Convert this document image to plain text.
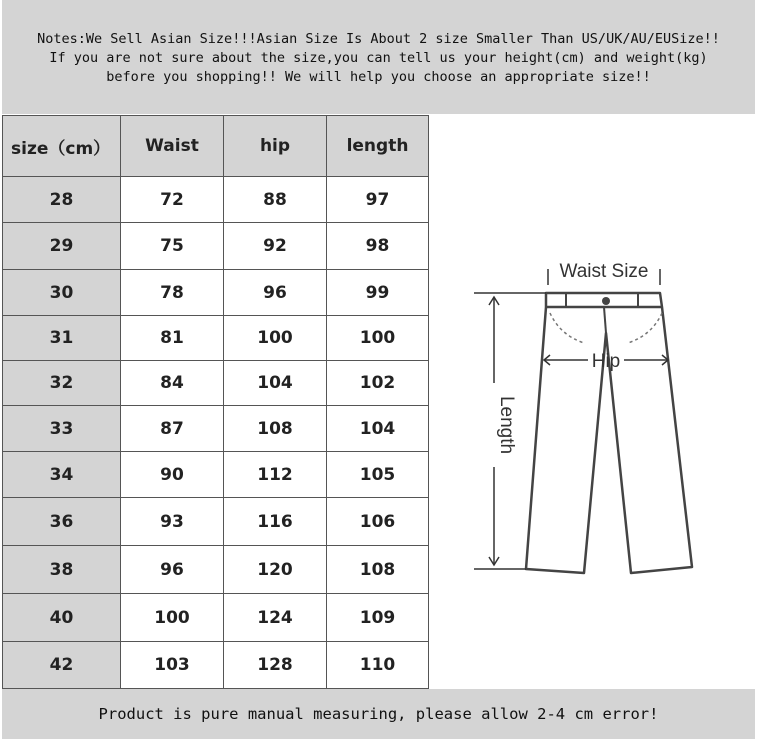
Notes:We Sell Asian Size!!!Asian Size Is About 2 size Smaller Than US/UK/AU/EUSize!!
If you are not sure about the size,you can tell us your height(cm) and weight(kg)
before you shopping!! We will help you choose an appropriate size!!
size（cm）	Waist	hip	length
28	72	88	97
29	75	92	98
30	78	96	99
31	81	100	100
32	84	104	102
33	87	108	104
34	90	112	105
36	93	116	106
38	96	120	108
40	100	124	109
42	103	128	110
Waist Size
Hip
Length
Product is pure manual measuring, please allow 2-4 cm error!
